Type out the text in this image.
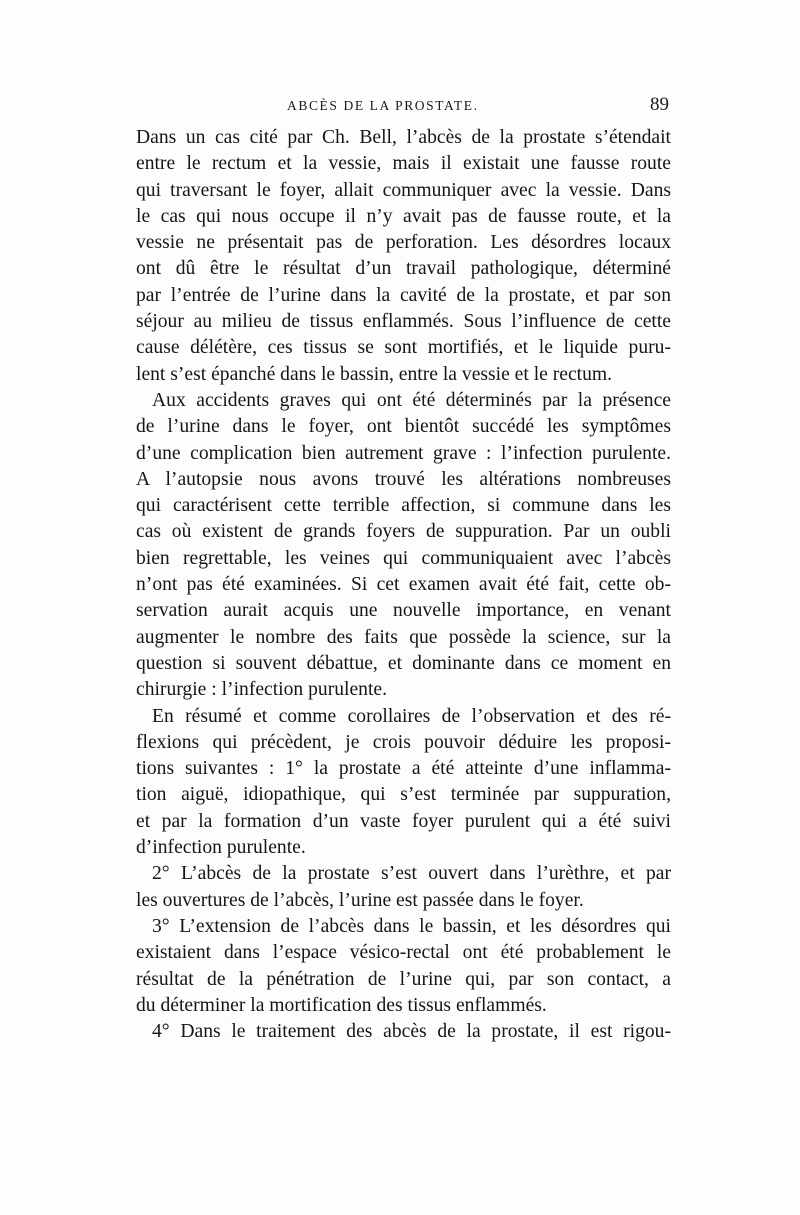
ABCÈS DE LA PROSTATE.	89
Dans un cas cité par Ch. Bell, l’abcès de la prostate s’étendait
entre le rectum et la vessie, mais il existait une fausse route
qui traversant le foyer, allait communiquer avec la vessie. Dans
le cas qui nous occupe il n’y avait pas de fausse route, et la
vessie ne présentait pas de perforation. Les désordres locaux
ont dû être le résultat d’un travail pathologique, déterminé
par l’entrée de l’urine dans la cavité de la prostate, et par son
séjour au milieu de tissus enflammés. Sous l’influence de cette
cause délétère, ces tissus se sont mortifiés, et le liquide puru-
lent s’est épanché dans le bassin, entre la vessie et le rectum.
Aux accidents graves qui ont été déterminés par la présence
de l’urine dans le foyer, ont bientôt succédé les symptômes
d’une complication bien autrement grave : l’infection purulente.
A l’autopsie nous avons trouvé les altérations nombreuses
qui caractérisent cette terrible affection, si commune dans les
cas où existent de grands foyers de suppuration. Par un oubli
bien regrettable, les veines qui communiquaient avec l’abcès
n’ont pas été examinées. Si cet examen avait été fait, cette ob-
servation aurait acquis une nouvelle importance, en venant
augmenter le nombre des faits que possède la science, sur la
question si souvent débattue, et dominante dans ce moment en
chirurgie : l’infection purulente.
En résumé et comme corollaires de l’observation et des ré-
flexions qui précèdent, je crois pouvoir déduire les proposi-
tions suivantes : 1° la prostate a été atteinte d’une inflamma-
tion aiguë, idiopathique, qui s’est terminée par suppuration,
et par la formation d’un vaste foyer purulent qui a été suivi
d’infection purulente.
2° L’abcès de la prostate s’est ouvert dans l’urèthre, et par
les ouvertures de l’abcès, l’urine est passée dans le foyer.
3° L’extension de l’abcès dans le bassin, et les désordres qui
existaient dans l’espace vésico-rectal ont été probablement le
résultat de la pénétration de l’urine qui, par son contact, a
du déterminer la mortification des tissus enflammés.
4° Dans le traitement des abcès de la prostate, il est rigou-
